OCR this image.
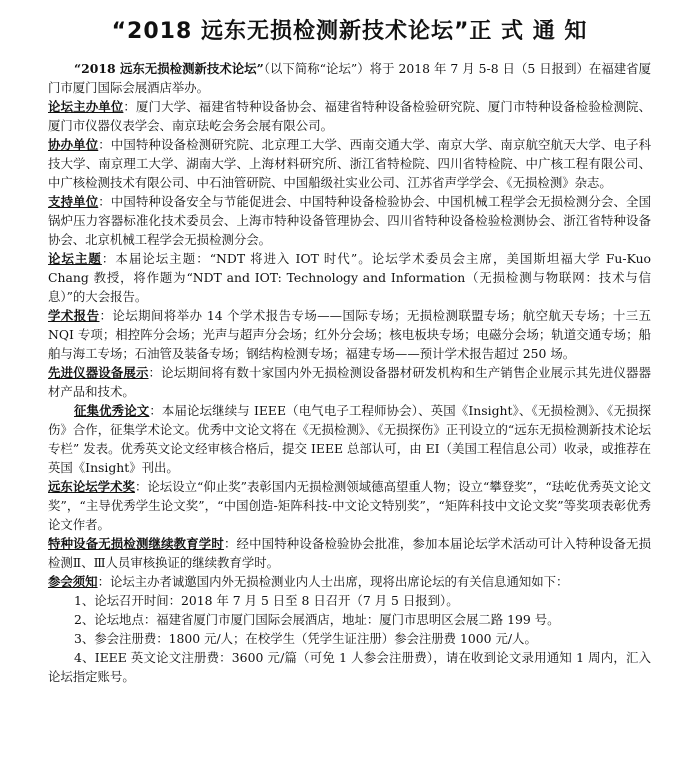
“2018 远东无损检测新技术论坛”正 式 通 知

“2018 远东无损检测新技术论坛”（以下简称“论坛”）将于 2018 年 7 月 5-8 日（5 日报到）在福建省厦门市厦门国际会展酒店举办。

论坛主办单位：厦门大学、福建省特种设备协会、福建省特种设备检验研究院、厦门市特种设备检验检测院、厦门市仪器仪表学会、南京珐屹会务会展有限公司。

协办单位：中国特种设备检测研究院、北京理工大学、西南交通大学、南京大学、南京航空航天大学、电子科技大学、南京理工大学、湖南大学、上海材料研究所、浙江省特检院、四川省特检院、中广核工程有限公司、中广核检测技术有限公司、中石油管研院、中国船级社实业公司、江苏省声学学会、《无损检测》杂志。

支持单位：中国特种设备安全与节能促进会、中国特种设备检验协会、中国机械工程学会无损检测分会、全国锅炉压力容器标准化技术委员会、上海市特种设备管理协会、四川省特种设备检验检测协会、浙江省特种设备协会、北京机械工程学会无损检测分会。

论坛主题：本届论坛主题：“NDT 将进入 IOT 时代”。论坛学术委员会主席，美国斯坦福大学 Fu-Kuo Chang 教授，将作题为“NDT and IOT: Technology and Information（无损检测与物联网：技术与信息）”的大会报告。

学术报告：论坛期间将举办 14 个学术报告专场——国际专场；无损检测联盟专场；航空航天专场；十三五 NQI 专项；相控阵分会场；光声与超声分会场；红外分会场；核电板块专场；电磁分会场；轨道交通专场；船舶与海工专场；石油管及装备专场；钢结构检测专场；福建专场——预计学术报告超过 250 场。

先进仪器设备展示：论坛期间将有数十家国内外无损检测设备器材研发机构和生产销售企业展示其先进仪器器材产品和技术。

征集优秀论文：本届论坛继续与 IEEE（电气电子工程师协会）、英国《Insight》、《无损检测》、《无损探伤》合作，征集学术论文。优秀中文论文将在《无损检测》、《无损探伤》正刊设立的“远东无损检测新技术论坛专栏” 发表。优秀英文论文经审核合格后，提交 IEEE 总部认可，由 EI（美国工程信息公司）收录，或推荐在英国《Insight》刊出。

远东论坛学术奖：论坛设立“仰止奖”表彰国内无损检测领域德高望重人物；设立“攀登奖”，“珐屹优秀英文论文奖”，“主导优秀学生论文奖”，“中国创造-矩阵科技-中文论文特别奖”，“矩阵科技中文论文奖”等奖项表彰优秀论文作者。

特种设备无损检测继续教育学时：经中国特种设备检验协会批准，参加本届论坛学术活动可计入特种设备无损检测Ⅱ、Ⅲ人员审核换证的继续教育学时。

参会须知：论坛主办者诚邀国内外无损检测业内人士出席，现将出席论坛的有关信息通知如下：

1、论坛召开时间：2018 年 7 月 5 日至 8 日召开（7 月 5 日报到）。

2、论坛地点：福建省厦门市厦门国际会展酒店，地址：厦门市思明区会展二路 199 号。

3、参会注册费：1800 元/人；在校学生（凭学生证注册）参会注册费 1000 元/人。

4、IEEE 英文论文注册费：3600 元/篇（可免 1 人参会注册费），请在收到论文录用通知 1 周内，汇入论坛指定账号。
